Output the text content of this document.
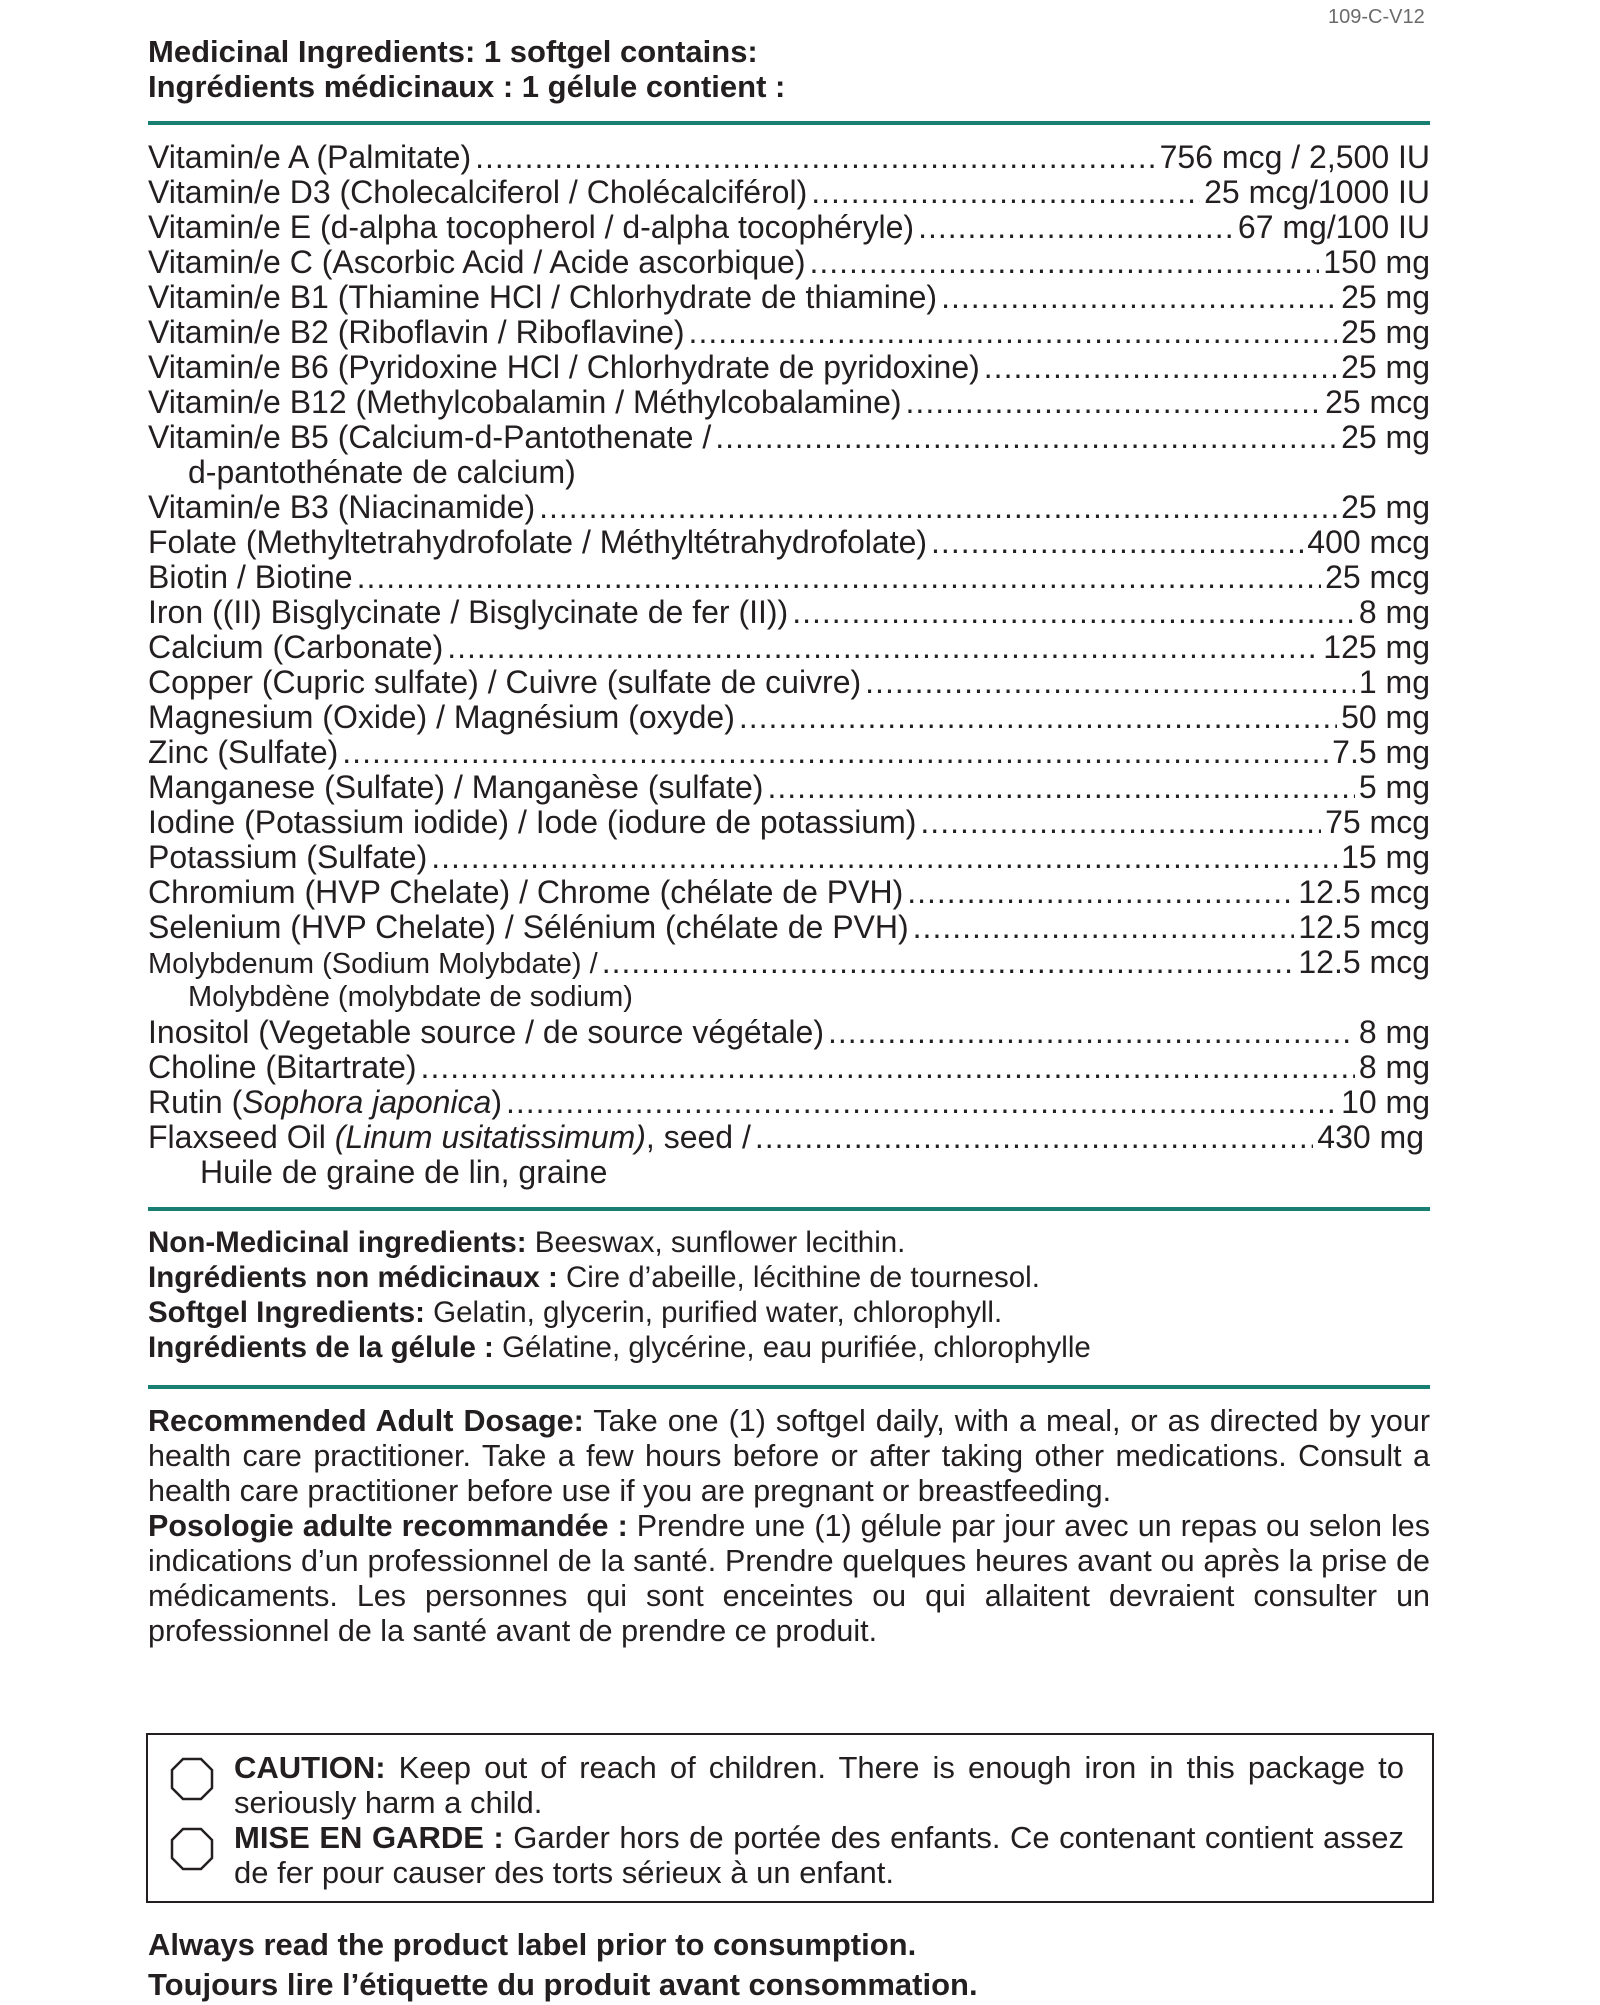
109-C-V12
Medicinal Ingredients: 1 softgel contains:
Ingrédients médicinaux : 1 gélule contient :
Vitamin/e A (Palmitate) .....	756 mcg / 2,500 IU
Vitamin/e D3 (Cholecalciferol / Cholécalciférol) .....	25 mcg/1000 IU
Vitamin/e E (d-alpha tocopherol / d-alpha tocophéryle) .....	67 mg/100 IU
Vitamin/e C (Ascorbic Acid / Acide ascorbique) .....	150 mg
Vitamin/e B1 (Thiamine HCl / Chlorhydrate de thiamine) .....	25 mg
Vitamin/e B2 (Riboflavin / Riboflavine) .....	25 mg
Vitamin/e B6 (Pyridoxine HCl / Chlorhydrate de pyridoxine) .....	25 mg
Vitamin/e B12 (Methylcobalamin / Méthylcobalamine) .....	25 mcg
Vitamin/e B5 (Calcium-d-Pantothenate / .....	25 mg
d-pantothénate de calcium)
Vitamin/e B3 (Niacinamide) .....	25 mg
Folate (Methyltetrahydrofolate / Méthyltétrahydrofolate) .....	400 mcg
Biotin / Biotine .....	25 mcg
Iron ((II) Bisglycinate / Bisglycinate de fer (II)) .....	8 mg
Calcium (Carbonate) .....	125 mg
Copper (Cupric sulfate) / Cuivre (sulfate de cuivre) .....	1 mg
Magnesium (Oxide) / Magnésium (oxyde) .....	50 mg
Zinc (Sulfate) .....	7.5 mg
Manganese (Sulfate) / Manganèse (sulfate) .....	5 mg
Iodine (Potassium iodide) / Iode (iodure de potassium) .....	75 mcg
Potassium (Sulfate) .....	15 mg
Chromium (HVP Chelate) / Chrome (chélate de PVH) .....	12.5 mcg
Selenium (HVP Chelate) / Sélénium (chélate de PVH) .....	12.5 mcg
Molybdenum (Sodium Molybdate) / .....	12.5 mcg
Molybdène (molybdate de sodium)
Inositol (Vegetable source / de source végétale) .....	8 mg
Choline (Bitartrate) .....	8 mg
Rutin (Sophora japonica) .....	10 mg
Flaxseed Oil (Linum usitatissimum), seed / .....	430 mg
Huile de graine de lin, graine
Non-Medicinal ingredients: Beeswax, sunflower lecithin.
Ingrédients non médicinaux : Cire d’abeille, lécithine de tournesol.
Softgel Ingredients: Gelatin, glycerin, purified water, chlorophyll.
Ingrédients de la gélule : Gélatine, glycérine, eau purifiée, chlorophylle

Recommended Adult Dosage: Take one (1) softgel daily, with a meal, or as directed by your health care practitioner. Take a few hours before or after taking other medications. Consult a health care practitioner before use if you are pregnant or breastfeeding.

Posologie adulte recommandée : Prendre une (1) gélule par jour avec un repas ou selon les indications d’un professionnel de la santé. Prendre quelques heures avant ou après la prise de médicaments. Les personnes qui sont enceintes ou qui allaitent devraient consulter un professionnel de la santé avant de prendre ce produit.

CAUTION: Keep out of reach of children. There is enough iron in this package to seriously harm a child.
MISE EN GARDE : Garder hors de portée des enfants. Ce contenant contient assez de fer pour causer des torts sérieux à un enfant.
Always read the product label prior to consumption.
Toujours lire l’étiquette du produit avant consommation.
